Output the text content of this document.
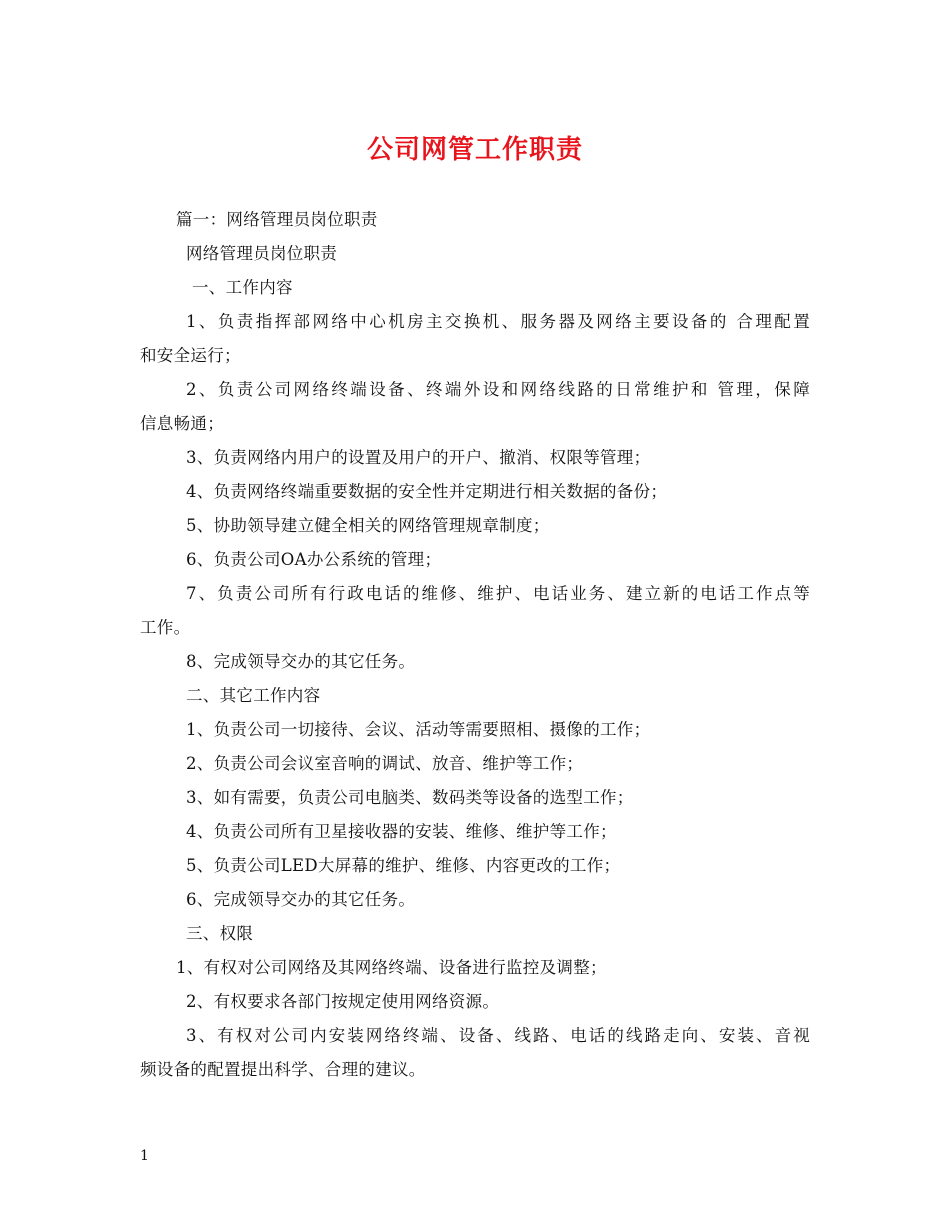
公司网管工作职责
篇一：网络管理员岗位职责
网络管理员岗位职责
一、工作内容
1、负责指挥部网络中心机房主交换机、服务器及网络主要设备的 合理配置
和安全运行；
2、负责公司网络终端设备、终端外设和网络线路的日常维护和 管理，保障
信息畅通；
3、负责网络内用户的设置及用户的开户、撤消、权限等管理；
4、负责网络终端重要数据的安全性并定期进行相关数据的备份；
5、协助领导建立健全相关的网络管理规章制度；
6、负责公司OA办公系统的管理；
7、负责公司所有行政电话的维修、维护、电话业务、建立新的电话工作点等
工作。
8、完成领导交办的其它任务。
二、其它工作内容
1、负责公司一切接待、会议、活动等需要照相、摄像的工作；
2、负责公司会议室音响的调试、放音、维护等工作；
3、如有需要，负责公司电脑类、数码类等设备的选型工作；
4、负责公司所有卫星接收器的安装、维修、维护等工作；
5、负责公司LED大屏幕的维护、维修、内容更改的工作；
6、完成领导交办的其它任务。
三、权限
1、有权对公司网络及其网络终端、设备进行监控及调整；
2、有权要求各部门按规定使用网络资源。
3、有权对公司内安装网络终端、设备、线路、电话的线路走向、安装、音视
频设备的配置提出科学、合理的建议。
1
